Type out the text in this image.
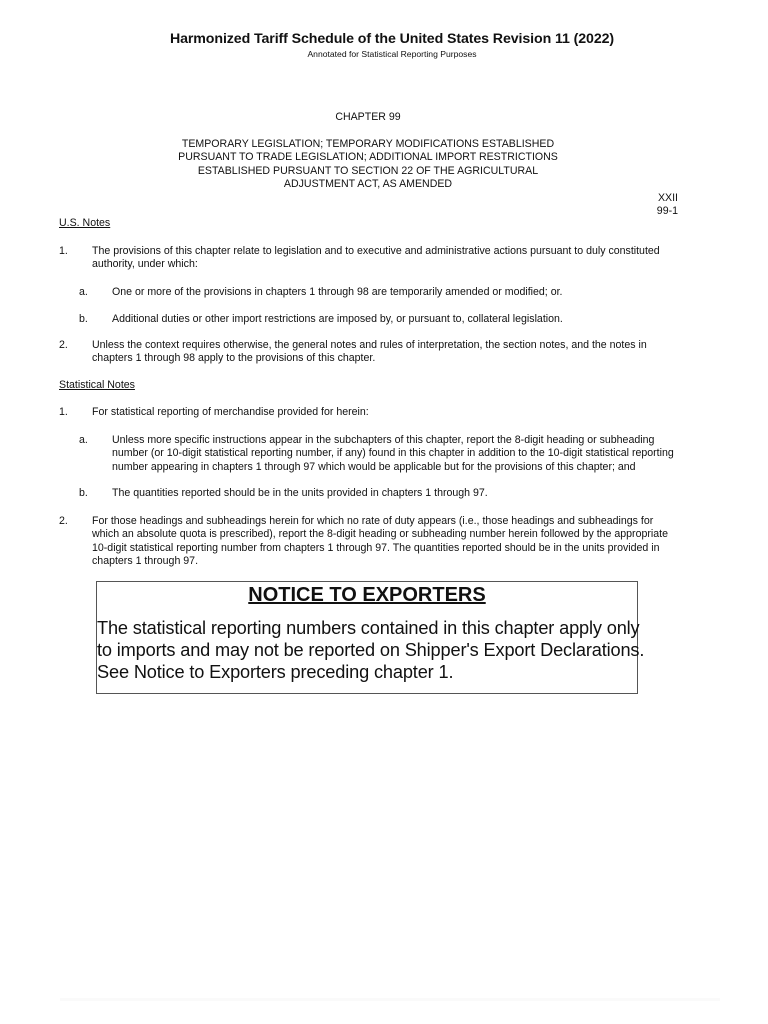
Harmonized Tariff Schedule of the United States Revision 11 (2022)
Annotated for Statistical Reporting Purposes
CHAPTER 99
TEMPORARY LEGISLATION; TEMPORARY MODIFICATIONS ESTABLISHED
PURSUANT TO TRADE LEGISLATION; ADDITIONAL IMPORT RESTRICTIONS
ESTABLISHED PURSUANT TO SECTION 22 OF THE AGRICULTURAL
ADJUSTMENT ACT, AS AMENDED
XXII
99-1
U.S. Notes
1. The provisions of this chapter relate to legislation and to executive and administrative actions pursuant to duly constituted authority, under which:
a. One or more of the provisions in chapters 1 through 98 are temporarily amended or modified; or.
b. Additional duties or other import restrictions are imposed by, or pursuant to, collateral legislation.
2. Unless the context requires otherwise, the general notes and rules of interpretation, the section notes, and the notes in chapters 1 through 98 apply to the provisions of this chapter.
Statistical Notes
1. For statistical reporting of merchandise provided for herein:
a. Unless more specific instructions appear in the subchapters of this chapter, report the 8-digit heading or subheading number (or 10-digit statistical reporting number, if any) found in this chapter in addition to the 10-digit statistical reporting number appearing in chapters 1 through 97 which would be applicable but for the provisions of this chapter; and
b. The quantities reported should be in the units provided in chapters 1 through 97.
2. For those headings and subheadings herein for which no rate of duty appears (i.e., those headings and subheadings for which an absolute quota is prescribed), report the 8-digit heading or subheading number herein followed by the appropriate 10-digit statistical reporting number from chapters 1 through 97. The quantities reported should be in the units provided in chapters 1 through 97.
NOTICE TO EXPORTERS
The statistical reporting numbers contained in this chapter apply only
to imports and may not be reported on Shipper's Export Declarations.
See Notice to Exporters preceding chapter 1.
